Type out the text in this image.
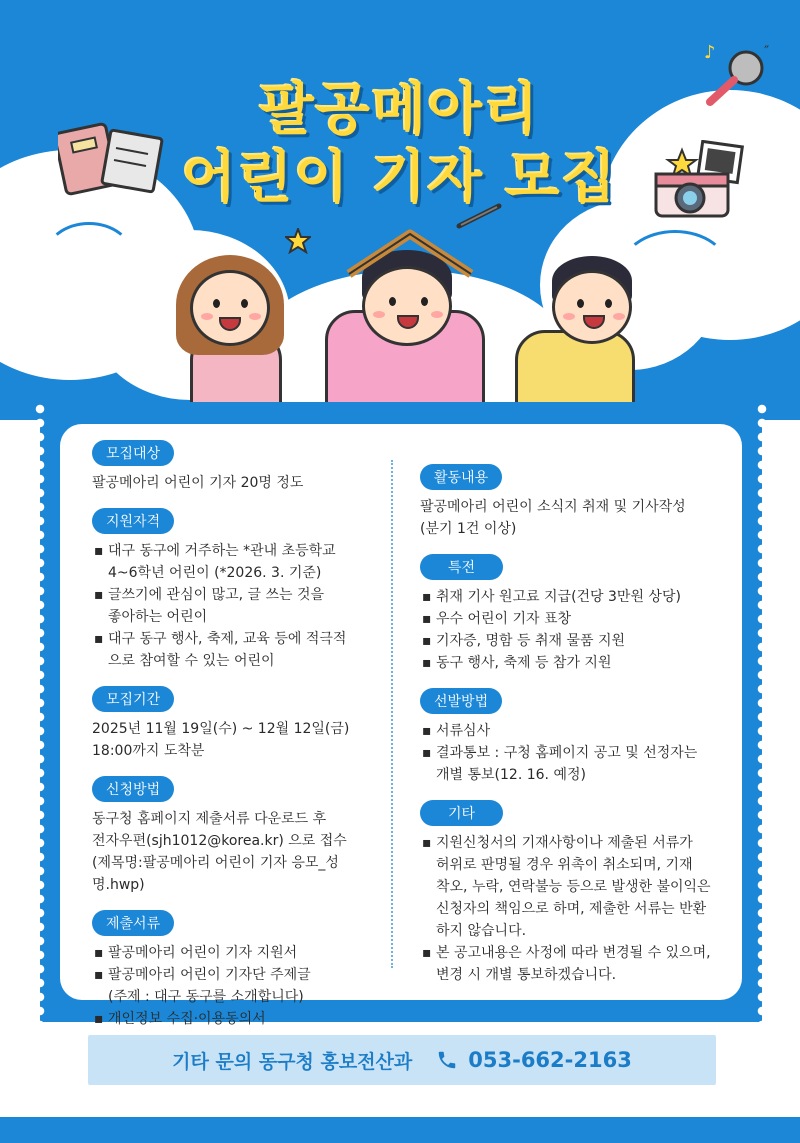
팔공메아리
어린이 기자 모집
♪	″
모집대상
팔공메아리 어린이 기자 20명 정도
지원자격
▪ 대구 동구에 거주하는 *관내 초등학교
4~6학년 어린이 (*2026. 3. 기준)
▪ 글쓰기에 관심이 많고, 글 쓰는 것을
좋아하는 어린이
▪ 대구 동구 행사, 축제, 교육 등에 적극적
으로 참여할 수 있는 어린이
모집기간
2025년 11월 19일(수) ~ 12월 12일(금)
18:00까지 도착분
신청방법
동구청 홈페이지 제출서류 다운로드 후
전자우편(sjh1012@korea.kr) 으로 접수
(제목명:팔공메아리 어린이 기자 응모_성
명.hwp)
제출서류
▪ 팔공메아리 어린이 기자 지원서
▪ 팔공메아리 어린이 기자단 주제글
(주제 : 대구 동구를 소개합니다)
▪ 개인정보 수집·이용동의서
활동내용
팔공메아리 어린이 소식지 취재 및 기사작성
(분기 1건 이상)
특전
▪ 취재 기사 원고료 지급(건당 3만원 상당)
▪ 우수 어린이 기자 표창
▪ 기자증, 명함 등 취재 물품 지원
▪ 동구 행사, 축제 등 참가 지원
선발방법
▪ 서류심사
▪ 결과통보 : 구청 홈페이지 공고 및 선정자는
개별 통보(12. 16. 예정)
기타
▪ 지원신청서의 기재사항이나 제출된 서류가
허위로 판명될 경우 위촉이 취소되며, 기재
착오, 누락, 연락불능 등으로 발생한 불이익은
신청자의 책임으로 하며, 제출한 서류는 반환
하지 않습니다.
▪ 본 공고내용은 사정에 따라 변경될 수 있으며,
변경 시 개별 통보하겠습니다.
기타 문의 동구청 홍보전산과	053-662-2163
